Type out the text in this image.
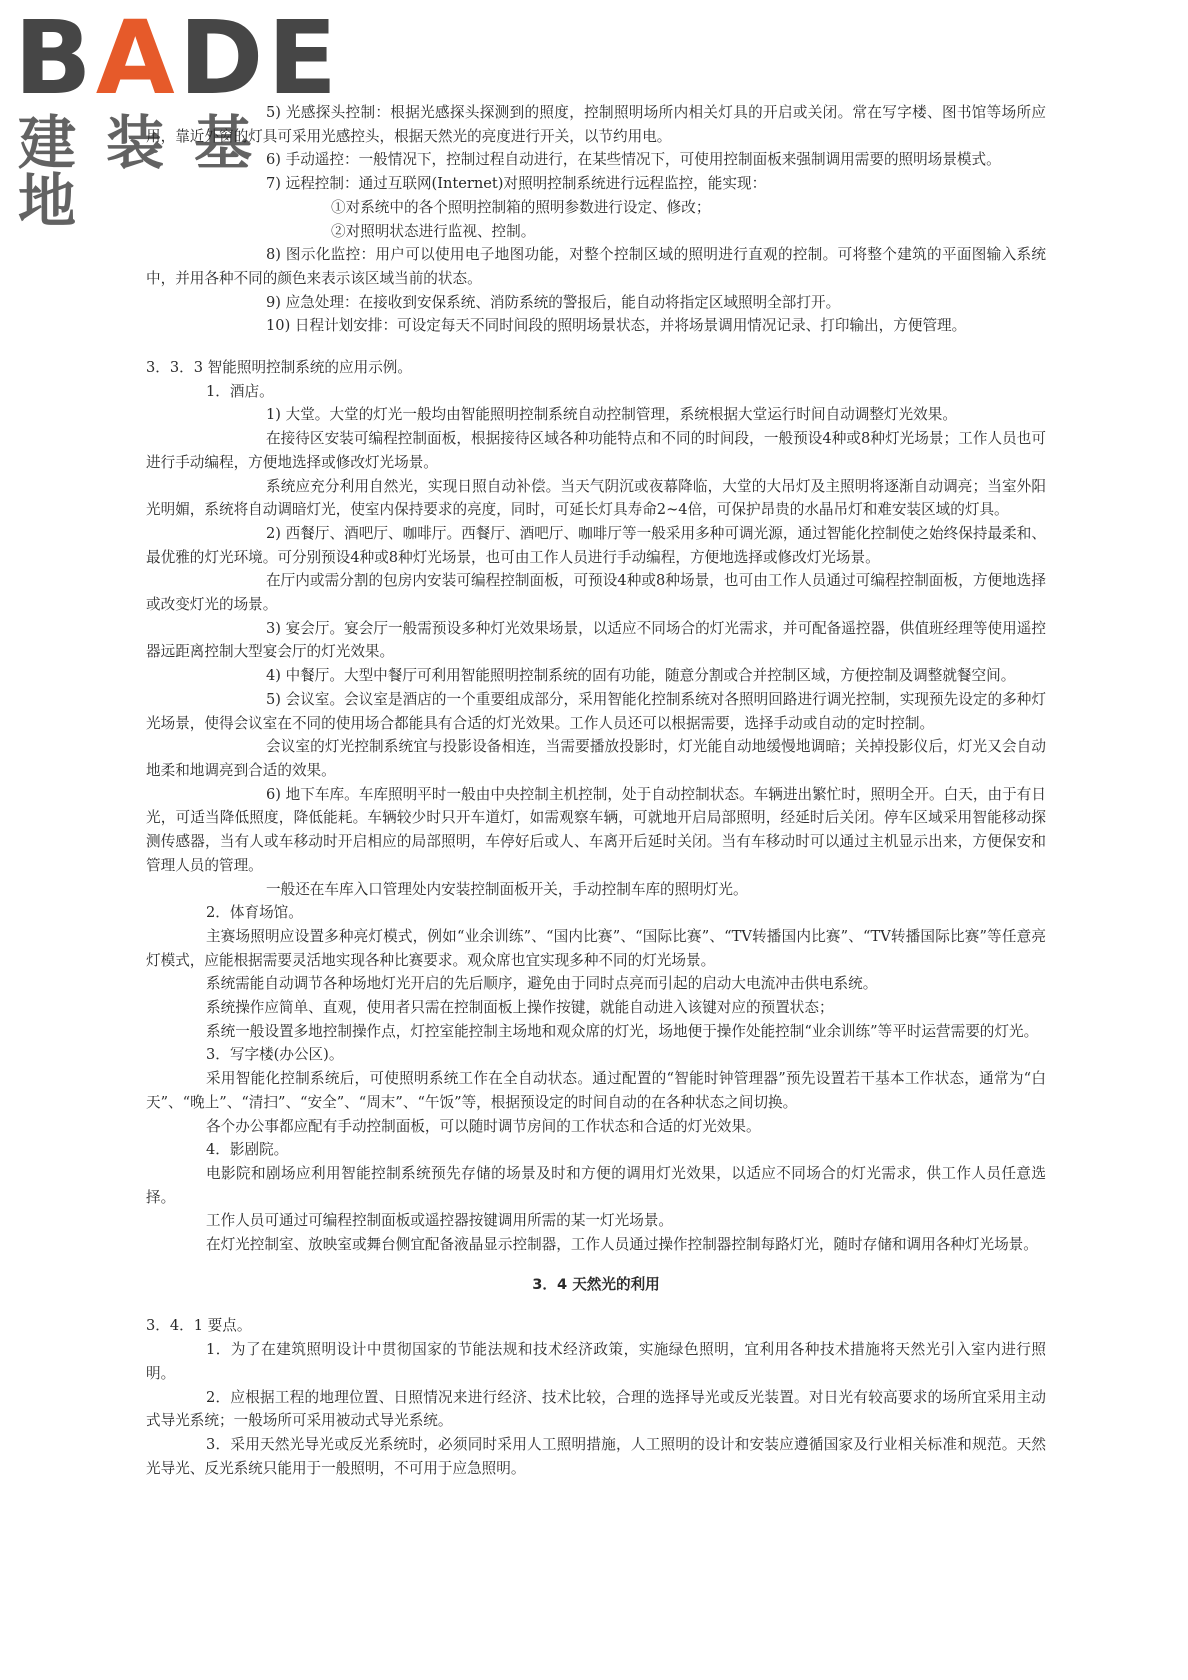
BADE
建装基地

5) 光感探头控制：根据光感探头探测到的照度，控制照明场所内相关灯具的开启或关闭。常在写字楼、图书馆等场所应用，靠近外窗的灯具可采用光感控头，根据天然光的亮度进行开关，以节约用电。

6) 手动遥控：一般情况下，控制过程自动进行，在某些情况下，可使用控制面板来强制调用需要的照明场景模式。

7) 远程控制：通过互联网(Internet)对照明控制系统进行远程监控，能实现：

①对系统中的各个照明控制箱的照明参数进行设定、修改；

②对照明状态进行监视、控制。

8) 图示化监控：用户可以使用电子地图功能，对整个控制区域的照明进行直观的控制。可将整个建筑的平面图输入系统中，并用各种不同的颜色来表示该区域当前的状态。

9) 应急处理：在接收到安保系统、消防系统的警报后，能自动将指定区域照明全部打开。

10) 日程计划安排：可设定每天不同时间段的照明场景状态，并将场景调用情况记录、打印输出，方便管理。

3．3．3 智能照明控制系统的应用示例。

1．酒店。

1) 大堂。大堂的灯光一般均由智能照明控制系统自动控制管理，系统根据大堂运行时间自动调整灯光效果。

在接待区安装可编程控制面板，根据接待区域各种功能特点和不同的时间段，一般预设4种或8种灯光场景；工作人员也可进行手动编程，方便地选择或修改灯光场景。

系统应充分利用自然光，实现日照自动补偿。当天气阴沉或夜幕降临，大堂的大吊灯及主照明将逐渐自动调亮；当室外阳光明媚，系统将自动调暗灯光，使室内保持要求的亮度，同时，可延长灯具寿命2~4倍，可保护昂贵的水晶吊灯和难安装区域的灯具。

2) 西餐厅、酒吧厅、咖啡厅。西餐厅、酒吧厅、咖啡厅等一般采用多种可调光源，通过智能化控制使之始终保持最柔和、最优雅的灯光环境。可分别预设4种或8种灯光场景，也可由工作人员进行手动编程，方便地选择或修改灯光场景。

在厅内或需分割的包房内安装可编程控制面板，可预设4种或8种场景，也可由工作人员通过可编程控制面板，方便地选择或改变灯光的场景。

3) 宴会厅。宴会厅一般需预设多种灯光效果场景，以适应不同场合的灯光需求，并可配备遥控器，供值班经理等使用遥控器远距离控制大型宴会厅的灯光效果。

4) 中餐厅。大型中餐厅可利用智能照明控制系统的固有功能，随意分割或合并控制区域，方便控制及调整就餐空间。

5) 会议室。会议室是酒店的一个重要组成部分，采用智能化控制系统对各照明回路进行调光控制，实现预先设定的多种灯光场景，使得会议室在不同的使用场合都能具有合适的灯光效果。工作人员还可以根据需要，选择手动或自动的定时控制。

会议室的灯光控制系统宜与投影设备相连，当需要播放投影时，灯光能自动地缓慢地调暗；关掉投影仪后，灯光又会自动地柔和地调亮到合适的效果。

6) 地下车库。车库照明平时一般由中央控制主机控制，处于自动控制状态。车辆进出繁忙时，照明全开。白天，由于有日光，可适当降低照度，降低能耗。车辆较少时只开车道灯，如需观察车辆，可就地开启局部照明，经延时后关闭。停车区域采用智能移动探测传感器，当有人或车移动时开启相应的局部照明，车停好后或人、车离开后延时关闭。当有车移动时可以通过主机显示出来，方便保安和管理人员的管理。

一般还在车库入口管理处内安装控制面板开关，手动控制车库的照明灯光。

2．体育场馆。

主赛场照明应设置多种亮灯模式，例如“业余训练”、“国内比赛”、“国际比赛”、“TV转播国内比赛”、“TV转播国际比赛”等任意亮灯模式，应能根据需要灵活地实现各种比赛要求。观众席也宜实现多种不同的灯光场景。

系统需能自动调节各种场地灯光开启的先后顺序，避免由于同时点亮而引起的启动大电流冲击供电系统。

系统操作应简单、直观，使用者只需在控制面板上操作按键，就能自动进入该键对应的预置状态；

系统一般设置多地控制操作点，灯控室能控制主场地和观众席的灯光，场地便于操作处能控制“业余训练”等平时运营需要的灯光。

3．写字楼(办公区)。

采用智能化控制系统后，可使照明系统工作在全自动状态。通过配置的“智能时钟管理器”预先设置若干基本工作状态，通常为“白天”、“晚上”、“清扫”、“安全”、“周末”、“午饭”等，根据预设定的时间自动的在各种状态之间切换。

各个办公事都应配有手动控制面板，可以随时调节房间的工作状态和合适的灯光效果。

4．影剧院。

电影院和剧场应利用智能控制系统预先存储的场景及时和方便的调用灯光效果，以适应不同场合的灯光需求，供工作人员任意选择。

工作人员可通过可编程控制面板或遥控器按键调用所需的某一灯光场景。

在灯光控制室、放映室或舞台侧宜配备液晶显示控制器，工作人员通过操作控制器控制每路灯光，随时存储和调用各种灯光场景。

3．4 天然光的利用

3．4．1 要点。

1．为了在建筑照明设计中贯彻国家的节能法规和技术经济政策，实施绿色照明，宜利用各种技术措施将天然光引入室内进行照明。

2．应根据工程的地理位置、日照情况来进行经济、技术比较，合理的选择导光或反光装置。对日光有较高要求的场所宜采用主动式导光系统；一般场所可采用被动式导光系统。

3．采用天然光导光或反光系统时，必须同时采用人工照明措施，人工照明的设计和安装应遵循国家及行业相关标准和规范。天然光导光、反光系统只能用于一般照明，不可用于应急照明。
